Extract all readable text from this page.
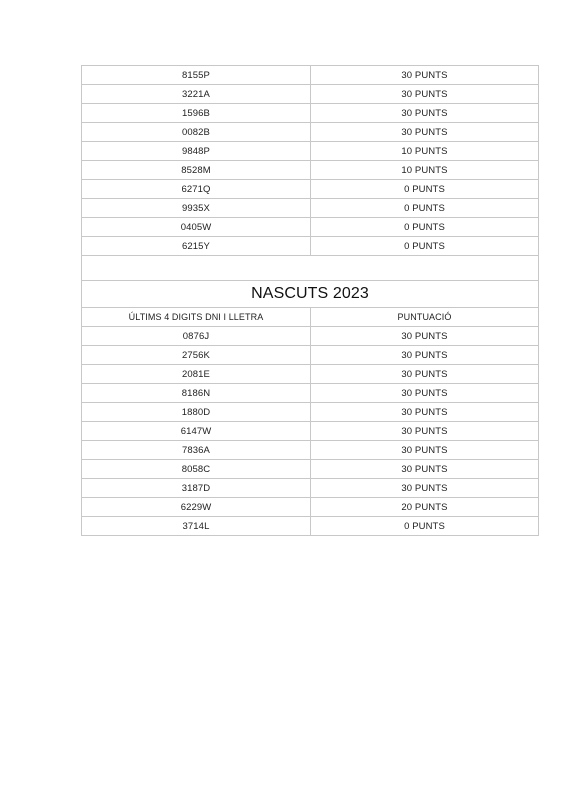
8155P	30 PUNTS
3221A	30 PUNTS
1596B	30 PUNTS
0082B	30 PUNTS
9848P	10 PUNTS
8528M	10 PUNTS
6271Q	0 PUNTS
9935X	0 PUNTS
0405W	0 PUNTS
6215Y	0 PUNTS

NASCUTS 2023	
ÚLTIMS 4 DIGITS DNI I LLETRA	PUNTUACIÓ
0876J	30 PUNTS
2756K	30 PUNTS
2081E	30 PUNTS
8186N	30 PUNTS
1880D	30 PUNTS
6147W	30 PUNTS
7836A	30 PUNTS
8058C	30 PUNTS
3187D	30 PUNTS
6229W	20 PUNTS
3714L	0 PUNTS
